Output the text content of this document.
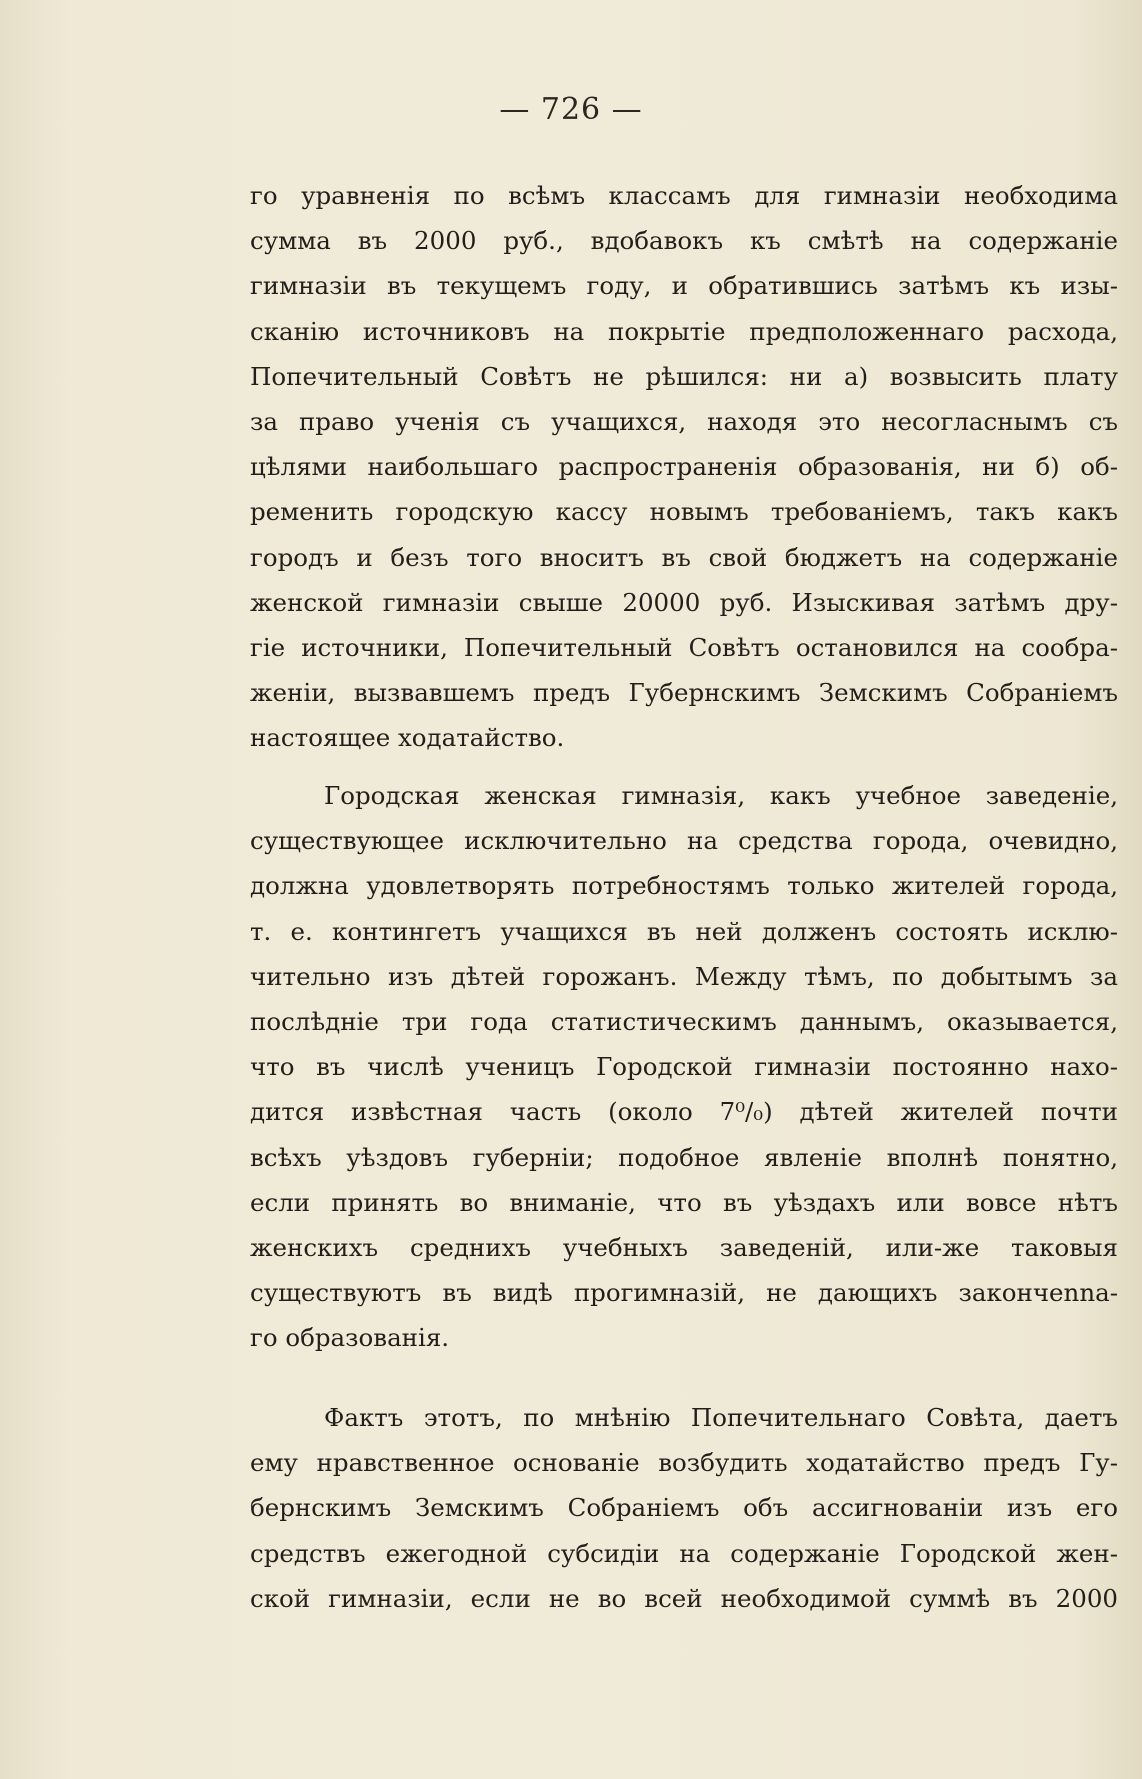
— 726 —
го уравненія по всѣмъ классамъ для гимназіи необходима
сумма въ 2000 руб., вдобавокъ къ смѣтѣ на содержаніе
гимназіи въ текущемъ году, и обратившись затѣмъ къ изы-
сканію источниковъ на покрытіе предположеннаго расхода,
Попечительный Совѣтъ не рѣшился: ни а) возвысить плату
за право ученія съ учащихся, находя это несогласнымъ съ
цѣлями наибольшаго распространенія образованія, ни б) об-
ременить городскую кассу новымъ требованіемъ, такъ какъ
городъ и безъ того вноситъ въ свой бюджетъ на содержаніе
женской гимназіи свыше 20000 руб. Изыскивая затѣмъ дру-
гіе источники, Попечительный Совѣтъ остановился на сообра-
женіи, вызвавшемъ предъ Губернскимъ Земскимъ Собраніемъ
настоящее ходатайство.
Городская женская гимназія, какъ учебное заведеніе,
существующее исключительно на средства города, очевидно,
должна удовлетворять потребностямъ только жителей города,
т. е. контингетъ учащихся въ ней долженъ состоять исклю-
чительно изъ дѣтей горожанъ. Между тѣмъ, по добытымъ за
послѣдніе три года статистическимъ даннымъ, оказывается,
что въ числѣ ученицъ Городской гимназіи постоянно нахо-
дится извѣстная часть (около 7⁰/₀) дѣтей жителей почти
всѣхъ уѣздовъ губерніи; подобное явленіе вполнѣ понятно,
если принять во вниманіе, что въ уѣздахъ или вовсе нѣтъ
женскихъ среднихъ учебныхъ заведеній, или-же таковыя
существуютъ въ видѣ прогимназій, не дающихъ закончenna-
го образованія.
Фактъ этотъ, по мнѣнію Попечительнаго Совѣта, даетъ
ему нравственное основаніе возбудить ходатайство предъ Гу-
бернскимъ Земскимъ Собраніемъ объ ассигнованіи изъ его
средствъ ежегодной субсидіи на содержаніе Городской жен-
ской гимназіи, если не во всей необходимой суммѣ въ 2000
